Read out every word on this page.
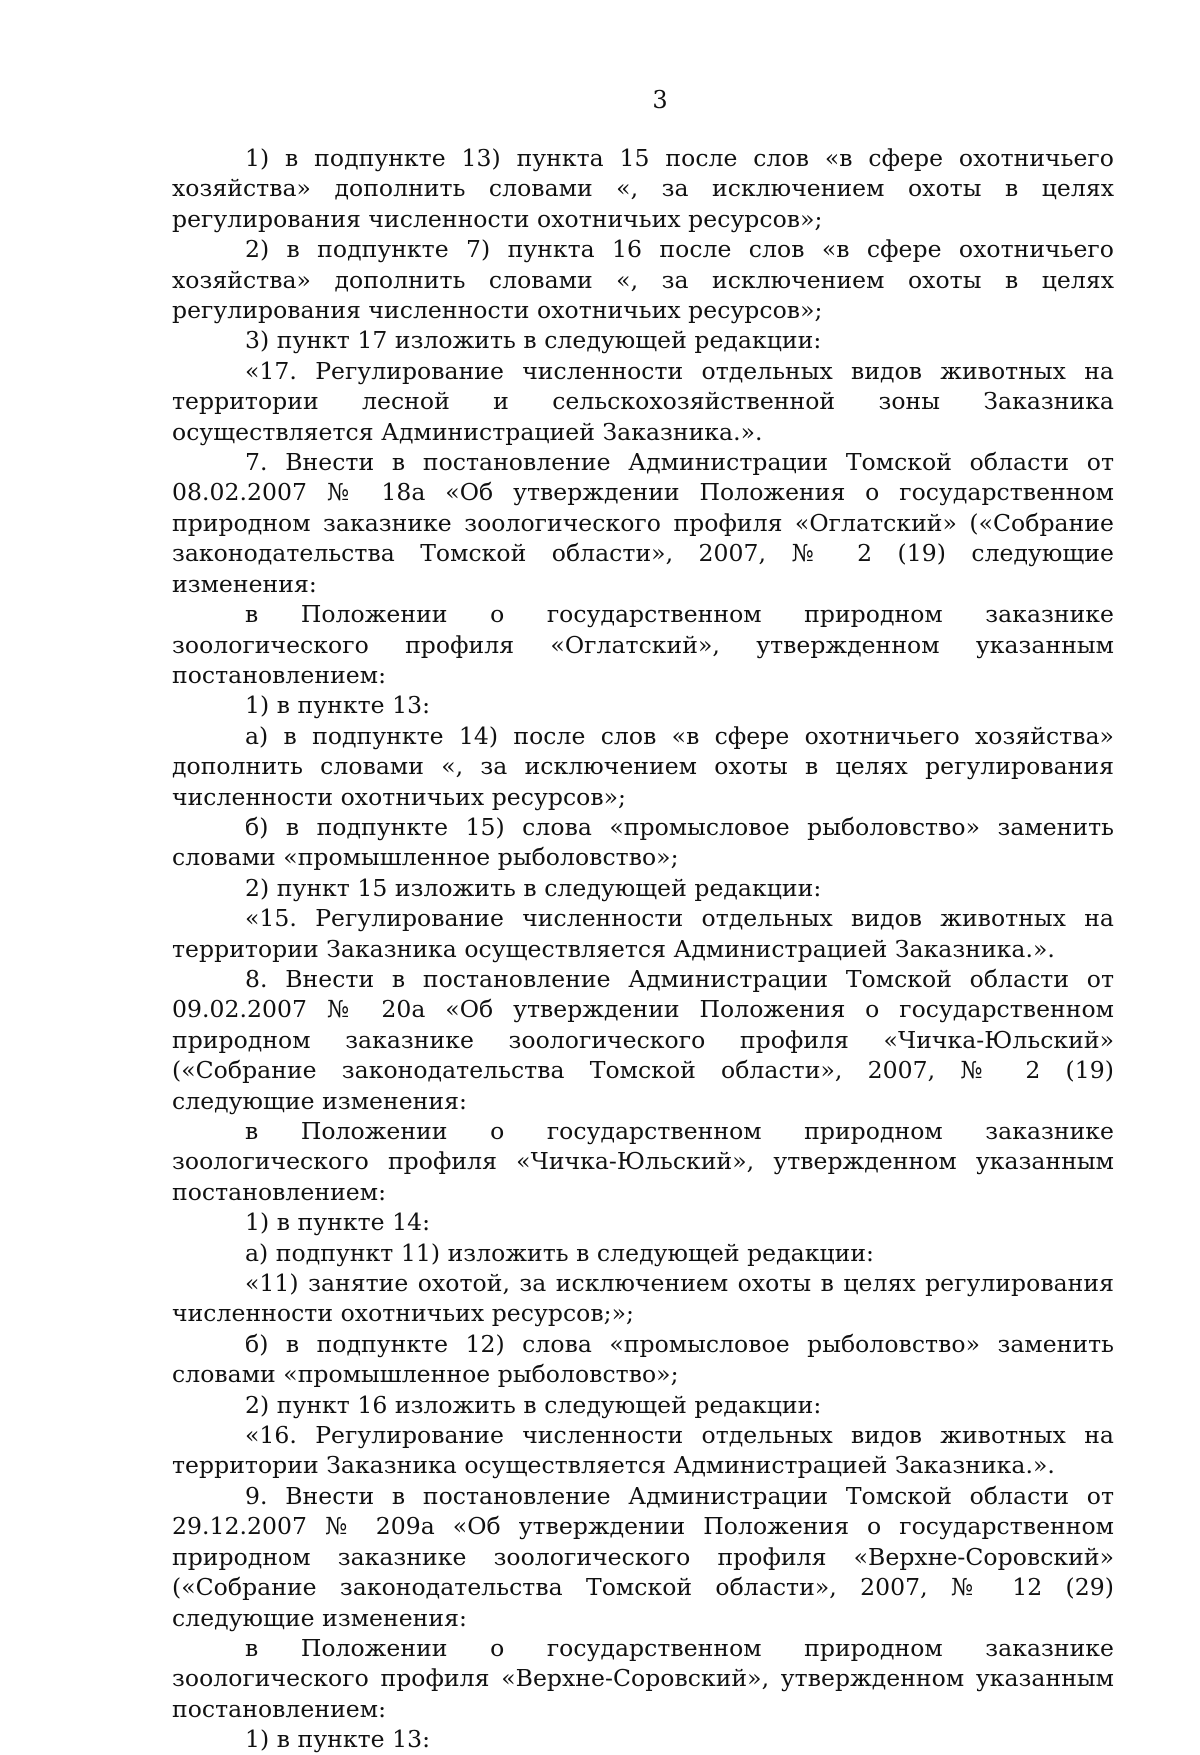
3

1) в подпункте 13) пункта 15 после слов «в сфере охотничьего хозяйства» дополнить словами «, за исключением охоты в целях регулирования численности охотничьих ресурсов»;

2) в подпункте 7) пункта 16 после слов «в сфере охотничьего хозяйства» дополнить словами «, за исключением охоты в целях регулирования численности охотничьих ресурсов»;

3) пункт 17 изложить в следующей редакции:

«17. Регулирование численности отдельных видов животных на территории лесной и сельскохозяйственной зоны Заказника осуществляется Администрацией Заказника.».

7. Внести в постановление Администрации Томской области от 08.02.2007 № 18а «Об утверждении Положения о государственном природном заказнике зоологического профиля «Оглатский» («Собрание законодательства Томской области», 2007, № 2 (19) следующие изменения:

в Положении о государственном природном заказнике зоологического профиля «Оглатский», утвержденном указанным постановлением:

1) в пункте 13:

а) в подпункте 14) после слов «в сфере охотничьего хозяйства» дополнить словами «, за исключением охоты в целях регулирования численности охотничьих ресурсов»;

б) в подпункте 15) слова «промысловое рыболовство» заменить словами «промышленное рыболовство»;

2) пункт 15 изложить в следующей редакции:

«15. Регулирование численности отдельных видов животных на территории Заказника осуществляется Администрацией Заказника.».

8. Внести в постановление Администрации Томской области от 09.02.2007 № 20а «Об утверждении Положения о государственном природном заказнике зоологического профиля «Чичка-Юльский» («Собрание законодательства Томской области», 2007, № 2 (19) следующие изменения:

в Положении о государственном природном заказнике зоологического профиля «Чичка-Юльский», утвержденном указанным постановлением:

1) в пункте 14:

а) подпункт 11) изложить в следующей редакции:

«11) занятие охотой, за исключением охоты в целях регулирования численности охотничьих ресурсов;»;

б) в подпункте 12) слова «промысловое рыболовство» заменить словами «промышленное рыболовство»;

2) пункт 16 изложить в следующей редакции:

«16. Регулирование численности отдельных видов животных на территории Заказника осуществляется Администрацией Заказника.».

9. Внести в постановление Администрации Томской области от 29.12.2007 № 209а «Об утверждении Положения о государственном природном заказнике зоологического профиля «Верхне-Соровский» («Собрание законодательства Томской области», 2007, № 12 (29) следующие изменения:

в Положении о государственном природном заказнике зоологического профиля «Верхне-Соровский», утвержденном указанным постановлением:

1) в пункте 13:
